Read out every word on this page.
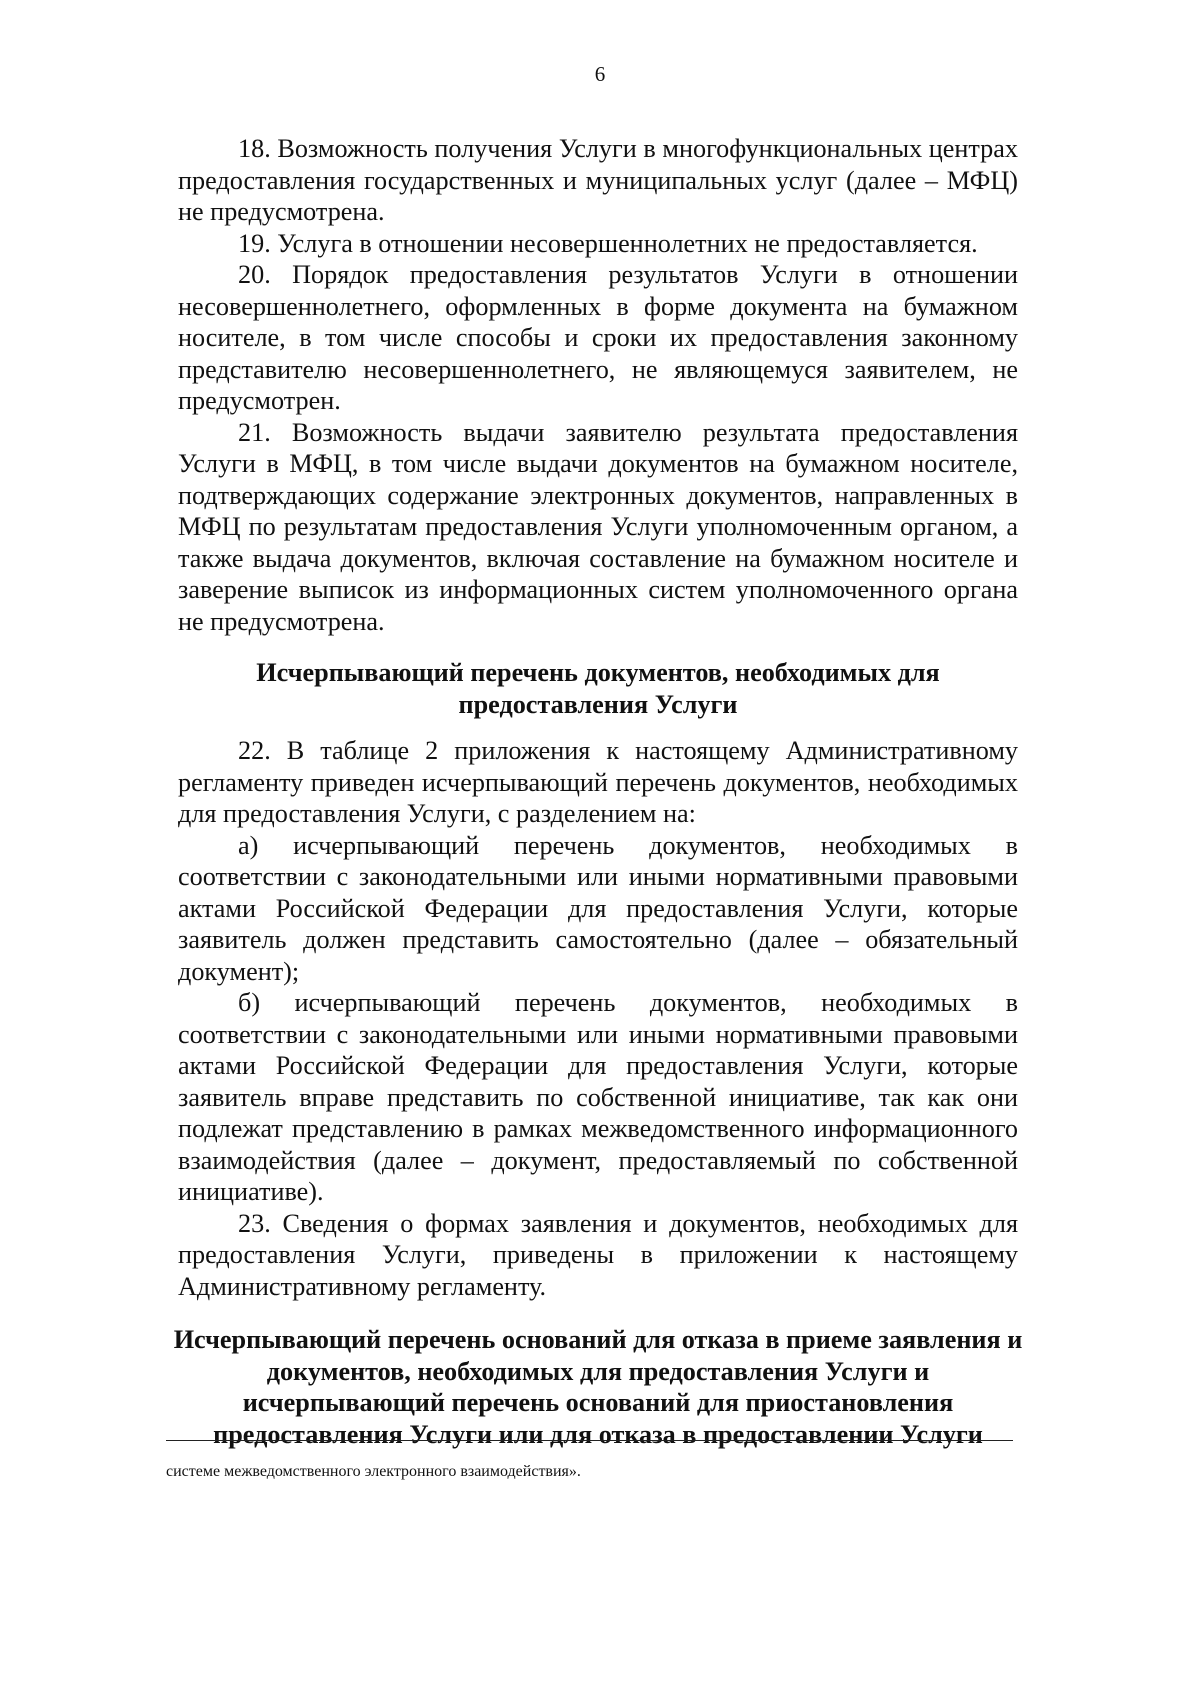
6

18. Возможность получения Услуги в многофункциональных центрах предоставления государственных и муниципальных услуг (далее – МФЦ) не предусмотрена.

19. Услуга в отношении несовершеннолетних не предоставляется.

20. Порядок предоставления результатов Услуги в отношении несовершеннолетнего, оформленных в форме документа на бумажном носителе, в том числе способы и сроки их предоставления законному представителю несовершеннолетнего, не являющемуся заявителем, не предусмотрен.

21. Возможность выдачи заявителю результата предоставления Услуги в МФЦ, в том числе выдачи документов на бумажном носителе, подтверждающих содержание электронных документов, направленных в МФЦ по результатам предоставления Услуги уполномоченным органом, а также выдача документов, включая составление на бумажном носителе и заверение выписок из информационных систем уполномоченного органа не предусмотрена.

Исчерпывающий перечень документов, необходимых для предоставления Услуги

22. В таблице 2 приложения к настоящему Административному регламенту приведен исчерпывающий перечень документов, необходимых для предоставления Услуги, с разделением на:

а) исчерпывающий перечень документов, необходимых в соответствии с законодательными или иными нормативными правовыми актами Российской Федерации для предоставления Услуги, которые заявитель должен представить самостоятельно (далее – обязательный документ);

б) исчерпывающий перечень документов, необходимых в соответствии с законодательными или иными нормативными правовыми актами Российской Федерации для предоставления Услуги, которые заявитель вправе представить по собственной инициативе, так как они подлежат представлению в рамках межведомственного информационного взаимодействия (далее – документ, предоставляемый по собственной инициативе).

23. Сведения о формах заявления и документов, необходимых для предоставления Услуги, приведены в приложении к настоящему Административному регламенту.

Исчерпывающий перечень оснований для отказа в приеме заявления и документов, необходимых для предоставления Услуги и исчерпывающий перечень оснований для приостановления предоставления Услуги или для отказа в предоставлении Услуги
системе межведомственного электронного взаимодействия».
